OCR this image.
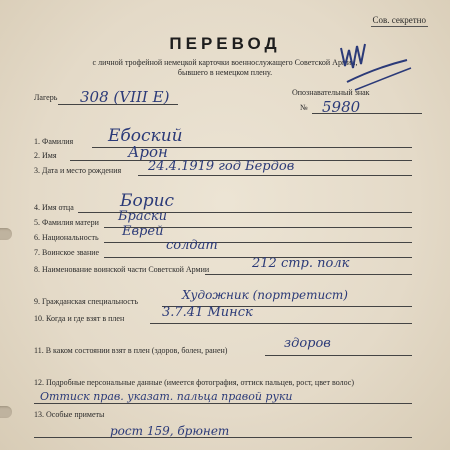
Сов. секретно
ПЕРЕВОД
с личной трофейной немецкой карточки военнослужащего Советской Армии,
бывшего в немецком плену.
Лагерь 308 (VIII E)	Опознавательный знак
№ 5980
1. Фамилия Ебоский
2. Имя	Арон
3. Дата и место рождения 24.4.1919 год Бердов
4. Имя отца	Борис
5. Фамилия матери Браски
6. Национальность Еврей
7. Воинское звание	солдат
8. Наименование воинской части Советской Армии	212 стр. полк
9. Гражданская специальность	Художник (портретист)
10. Когда и где взят в плен	3.7.41 Минск
11. В каком состоянии взят в плен (здоров, болен, ранен)	здоров
12. Подробные персональные данные (имеется фотография, оттиск пальцев, рост, цвет волос)
Оттиск прав. указат. пальца правой руки
13. Особые приметы
рост 159, брюнет
